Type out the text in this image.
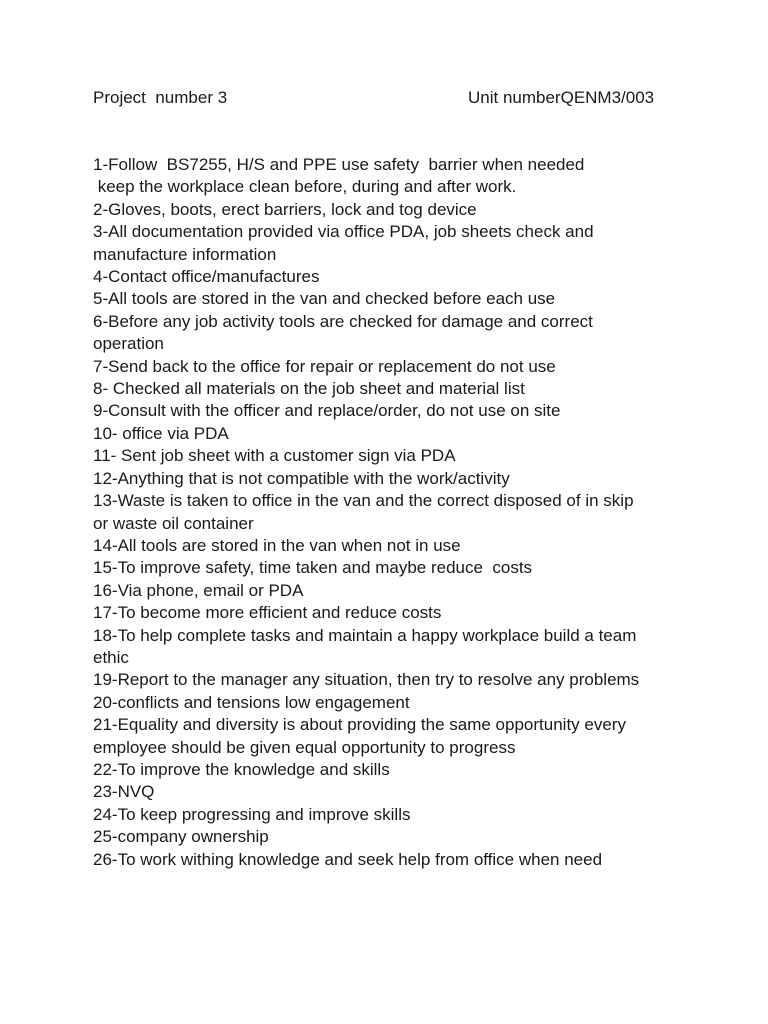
Project  number 3	Unit numberQENM3/003
1-Follow  BS7255, H/S and PPE use safety  barrier when needed
keep the workplace clean before, during and after work.
2-Gloves, boots, erect barriers, lock and tog device
3-All documentation provided via office PDA, job sheets check and
manufacture information
4-Contact office/manufactures
5-All tools are stored in the van and checked before each use
6-Before any job activity tools are checked for damage and correct
operation
7-Send back to the office for repair or replacement do not use
8- Checked all materials on the job sheet and material list
9-Consult with the officer and replace/order, do not use on site
10- office via PDA
11- Sent job sheet with a customer sign via PDA
12-Anything that is not compatible with the work/activity
13-Waste is taken to office in the van and the correct disposed of in skip
or waste oil container
14-All tools are stored in the van when not in use
15-To improve safety, time taken and maybe reduce  costs
16-Via phone, email or PDA
17-To become more efficient and reduce costs
18-To help complete tasks and maintain a happy workplace build a team
ethic
19-Report to the manager any situation, then try to resolve any problems
20-conflicts and tensions low engagement
21-Equality and diversity is about providing the same opportunity every
employee should be given equal opportunity to progress
22-To improve the knowledge and skills
23-NVQ
24-To keep progressing and improve skills
25-company ownership
26-To work withing knowledge and seek help from office when need
